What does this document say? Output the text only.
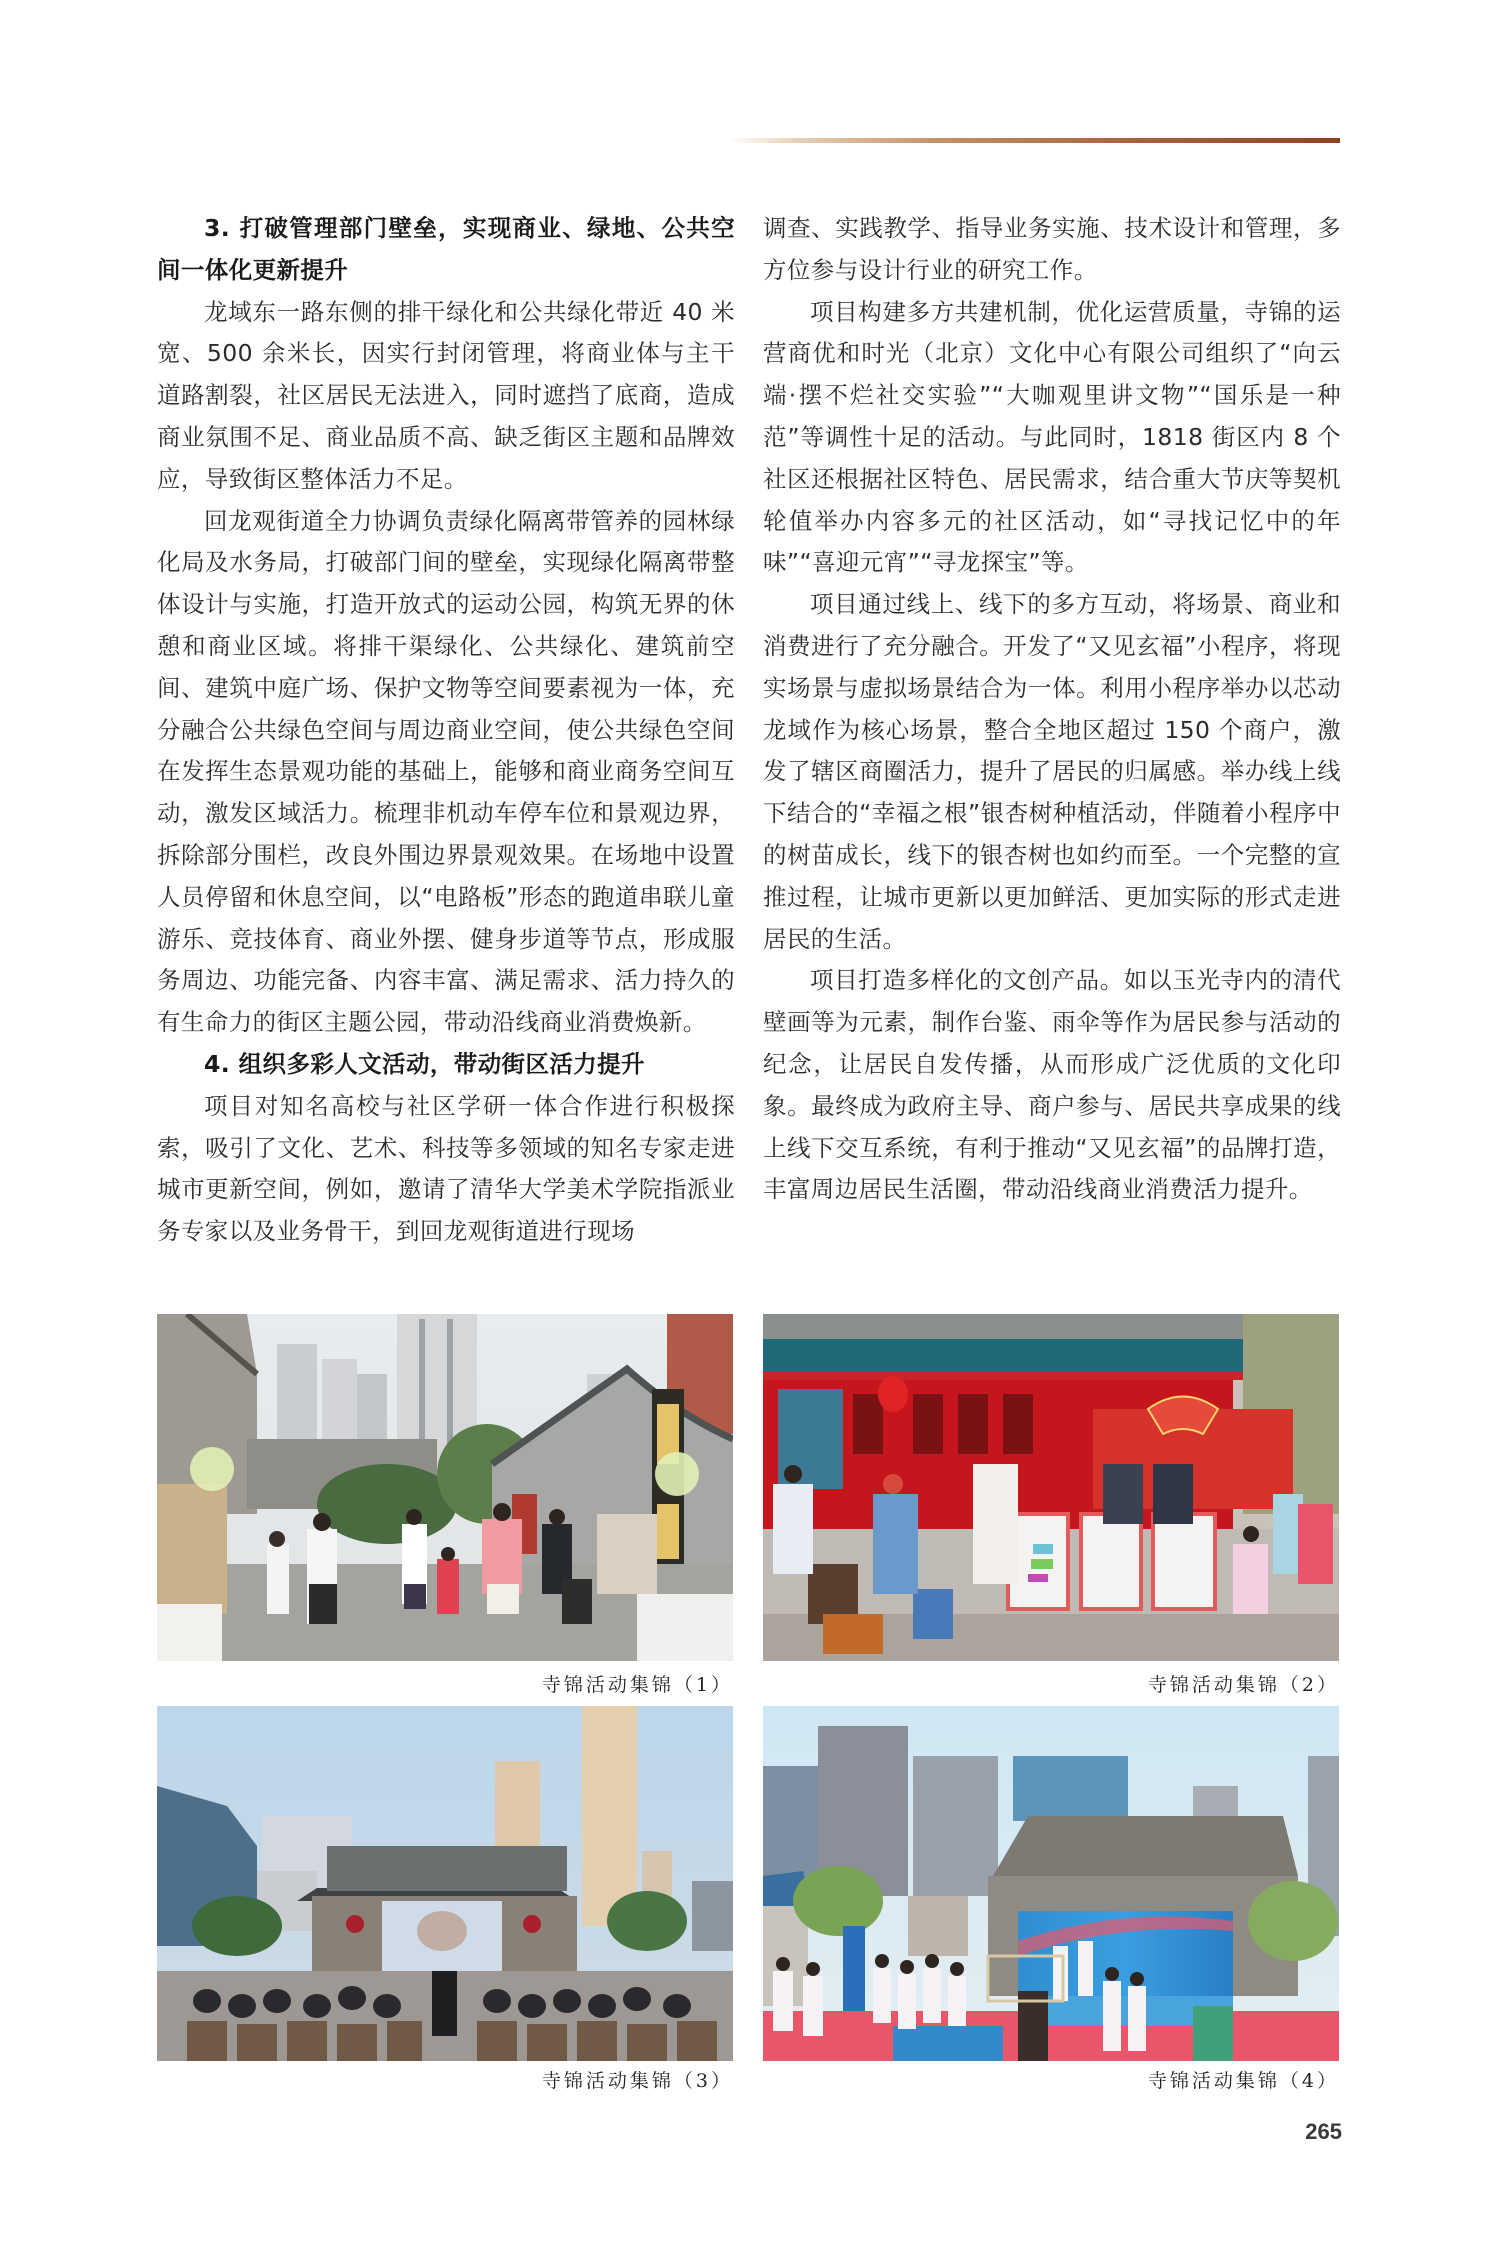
3. 打破管理部门壁垒，实现商业、绿地、公共空间一体化更新提升

龙域东一路东侧的排干绿化和公共绿化带近 40 米宽、500 余米长，因实行封闭管理，将商业体与主干道路割裂，社区居民无法进入，同时遮挡了底商，造成商业氛围不足、商业品质不高、缺乏街区主题和品牌效应，导致街区整体活力不足。

回龙观街道全力协调负责绿化隔离带管养的园林绿化局及水务局，打破部门间的壁垒，实现绿化隔离带整体设计与实施，打造开放式的运动公园，构筑无界的休憩和商业区域。将排干渠绿化、公共绿化、建筑前空间、建筑中庭广场、保护文物等空间要素视为一体，充分融合公共绿色空间与周边商业空间，使公共绿色空间在发挥生态景观功能的基础上，能够和商业商务空间互动，激发区域活力。梳理非机动车停车位和景观边界，拆除部分围栏，改良外围边界景观效果。在场地中设置人员停留和休息空间，以“电路板”形态的跑道串联儿童游乐、竞技体育、商业外摆、健身步道等节点，形成服务周边、功能完备、内容丰富、满足需求、活力持久的有生命力的街区主题公园，带动沿线商业消费焕新。

4. 组织多彩人文活动，带动街区活力提升

项目对知名高校与社区学研一体合作进行积极探索，吸引了文化、艺术、科技等多领域的知名专家走进城市更新空间，例如，邀请了清华大学美术学院指派业务专家以及业务骨干，到回龙观街道进行现场

调查、实践教学、指导业务实施、技术设计和管理，多方位参与设计行业的研究工作。

项目构建多方共建机制，优化运营质量，寺锦的运营商优和时光（北京）文化中心有限公司组织了“向云端·摆不烂社交实验”“大咖观里讲文物”“国乐是一种范”等调性十足的活动。与此同时，1818 街区内 8 个社区还根据社区特色、居民需求，结合重大节庆等契机轮值举办内容多元的社区活动，如“寻找记忆中的年味”“喜迎元宵”“寻龙探宝”等。

项目通过线上、线下的多方互动，将场景、商业和消费进行了充分融合。开发了“又见玄福”小程序，将现实场景与虚拟场景结合为一体。利用小程序举办以芯动龙域作为核心场景，整合全地区超过 150 个商户，激发了辖区商圈活力，提升了居民的归属感。举办线上线下结合的“幸福之根”银杏树种植活动，伴随着小程序中的树苗成长，线下的银杏树也如约而至。一个完整的宣推过程，让城市更新以更加鲜活、更加实际的形式走进居民的生活。

项目打造多样化的文创产品。如以玉光寺内的清代壁画等为元素，制作台鉴、雨伞等作为居民参与活动的纪念，让居民自发传播，从而形成广泛优质的文化印象。最终成为政府主导、商户参与、居民共享成果的线上线下交互系统，有利于推动“又见玄福”的品牌打造，丰富周边居民生活圈，带动沿线商业消费活力提升。

寺锦活动集锦（1）	寺锦活动集锦（2）
寺锦活动集锦（3）	寺锦活动集锦（4）
265
